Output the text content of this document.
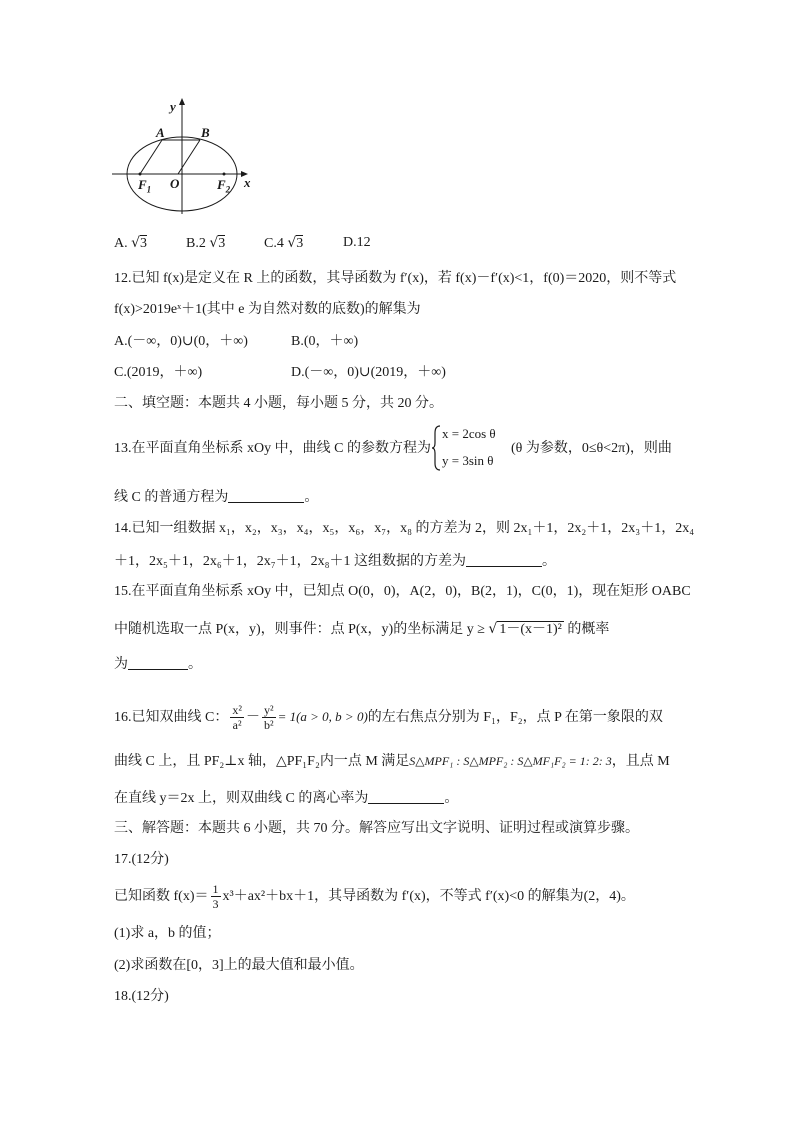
y
A	B
O
$F_1$	$F_2$ x
A. √3	B.2 √3	C.4 √3	D.12
12.已知 f(x)是定义在 R 上的函数，其导函数为 f′(x)，若 f(x)－f′(x)<1，f(0)＝2020，则不等式
f(x)>2019eˣ＋1(其中 e 为自然对数的底数)的解集为
A.(－∞，0)∪(0，＋∞)	B.(0，＋∞)
C.(2019，＋∞)	D.(－∞，0)∪(2019，＋∞)
二、填空题：本题共 4 小题，每小题 5 分，共 20 分。
13.在平面直角坐标系 xOy 中，曲线 C 的参数方程为
x = 2cos θ
y = 3sin θ
(θ 为参数，0≤θ<2π)，则曲
线 C 的普通方程为	。
14.已知一组数据 x₁，x₂，x₃，x₄，x₅，x₆，x₇，x₈ 的方差为 2，则 2x₁＋1，2x₂＋1，2x₃＋1，2x₄
＋1，2x₅＋1，2x₆＋1，2x₇＋1，2x₈＋1 这组数据的方差为	。
15.在平面直角坐标系 xOy 中，已知点 O(0，0)，A(2，0)，B(2，1)，C(0，1)，现在矩形 OABC
中随机选取一点 P(x，y)，则事件：点 P(x，y)的坐标满足 y ≥ √ 1－(x－1)² 的概率
为	。
16.已知双曲线 C： $\frac{\text{x²}}{\text{a²}} - \frac{\text{y²}}{\text{b²}} = 1(a > 0$, b > 0)的左右焦点分别为 F₁，F₂，点 P 在第一象限的双
曲线 C 上，且 PF₂⊥x 轴，△PF₁F₂内一点 M 满足S△MPF₁ : S△MPF₂ : S△MF₁F₂ = 1: 2: 3，且点 M
在直线 y＝2x 上，则双曲线 C 的离心率为	。
三、解答题：本题共 6 小题，共 70 分。解答应写出文字说明、证明过程或演算步骤。
17.(12分)
已知函数 $f(x)= \frac{1}{3} x^3+ax^2+bx+1$，其导函数为 f′(x)，不等式 f′(x)<0 的解集为(2，4)。
(1)求 a，b 的值；
(2)求函数在[0，3]上的最大值和最小值。
18.(12分)
